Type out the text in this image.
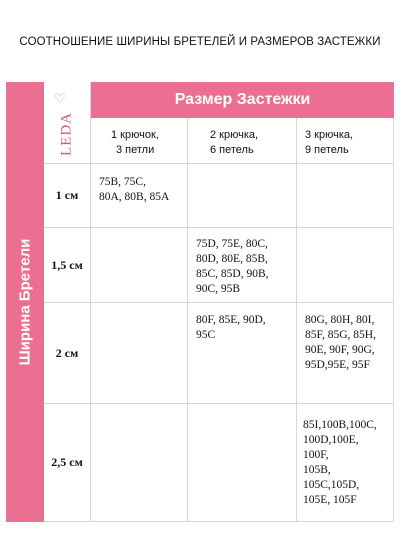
СООТНОШЕНИЕ ШИРИНЫ БРЕТЕЛЕЙ И РАЗМЕРОВ ЗАСТЕЖКИ
Ширина Бретели
♡
LEDA
Размер Застежки
1 крючок,
3 петли
2 крючка,
6 петель
3 крючка,
9 петель
1 см
75B, 75C,
80A, 80B, 85A
1,5 см
75D, 75E, 80C,
80D, 80E, 85B,
85C, 85D, 90B,
90C, 95B
2 см
80F, 85E, 90D,
95C
80G, 80H, 80I,
85F, 85G, 85H,
90E, 90F, 90G,
95D,95E, 95F
2,5 см
85I,100B,100C,
100D,100E, 100F,
105B, 105C,105D,
105E, 105F
